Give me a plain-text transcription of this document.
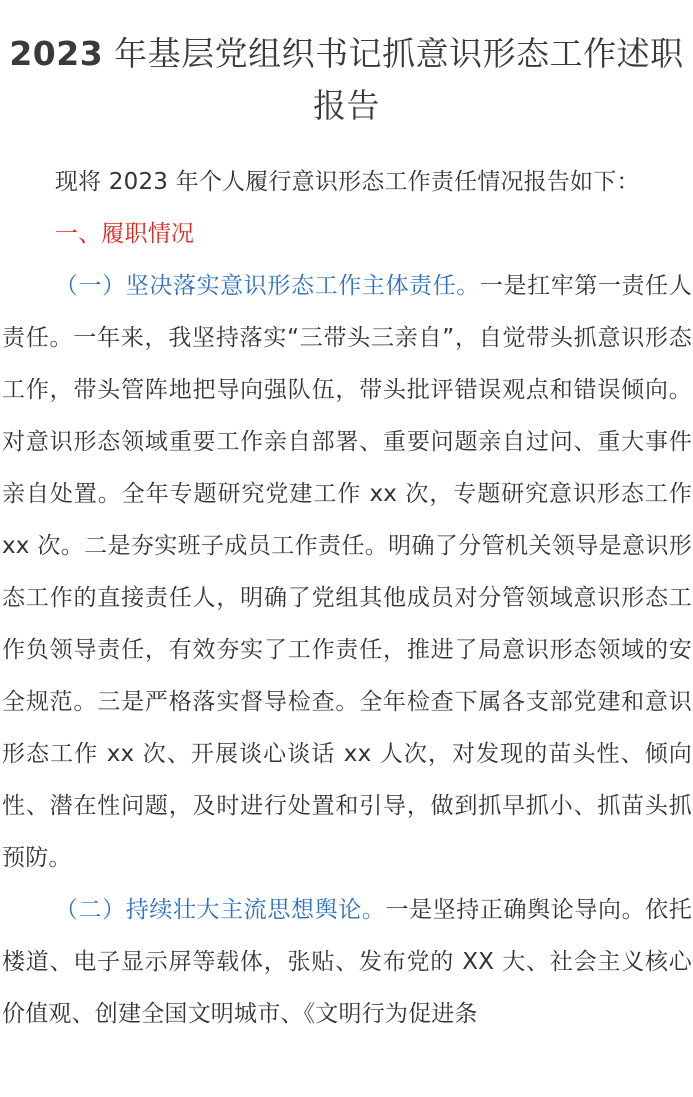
2023 年基层党组织书记抓意识形态工作述职报告

现将 2023 年个人履行意识形态工作责任情况报告如下：

一、履职情况

（一）坚决落实意识形态工作主体责任。一是扛牢第一责任人责任。一年来，我坚持落实“三带头三亲自”，自觉带头抓意识形态工作，带头管阵地把导向强队伍，带头批评错误观点和错误倾向。对意识形态领域重要工作亲自部署、重要问题亲自过问、重大事件亲自处置。全年专题研究党建工作 xx 次，专题研究意识形态工作 xx 次。二是夯实班子成员工作责任。明确了分管机关领导是意识形态工作的直接责任人，明确了党组其他成员对分管领域意识形态工作负领导责任，有效夯实了工作责任，推进了局意识形态领域的安全规范。三是严格落实督导检查。全年检查下属各支部党建和意识形态工作 xx 次、开展谈心谈话 xx 人次，对发现的苗头性、倾向性、潜在性问题，及时进行处置和引导，做到抓早抓小、抓苗头抓预防。

（二）持续壮大主流思想舆论。一是坚持正确舆论导向。依托楼道、电子显示屏等载体，张贴、发布党的 XX 大、社会主义核心价值观、创建全国文明城市、《文明行为促进条
